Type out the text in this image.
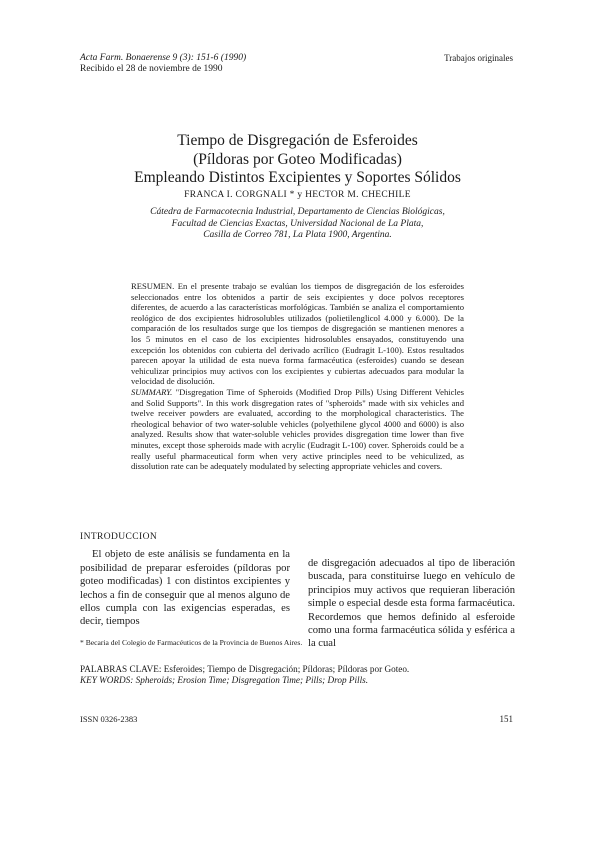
Acta Farm. Bonaerense 9 (3): 151-6 (1990)
Recibido el 28 de noviembre de 1990
Trabajos originales
Tiempo de Disgregación de Esferoides
(Píldoras por Goteo Modificadas)
Empleando Distintos Excipientes y Soportes Sólidos
FRANCA I. CORGNALI * y HECTOR M. CHECHILE
Cátedra de Farmacotecnia Industrial, Departamento de Ciencias Biológicas,
Facultad de Ciencias Exactas, Universidad Nacional de La Plata,
Casilla de Correo 781, La Plata 1900, Argentina.

RESUMEN. En el presente trabajo se evalúan los tiempos de disgregación de los esferoides seleccionados entre los obtenidos a partir de seis excipientes y doce polvos receptores diferentes, de acuerdo a las características morfológicas. También se analiza el comportamiento reológico de dos excipientes hidrosolubles utilizados (polietilenglicol 4.000 y 6.000). De la comparación de los resultados surge que los tiempos de disgregación se mantienen menores a los 5 minutos en el caso de los excipientes hidrosolubles ensayados, constituyendo una excepción los obtenidos con cubierta del derivado acrílico (Eudragit L-100). Estos resultados parecen apoyar la utilidad de esta nueva forma farmacéutica (esferoides) cuando se desean vehiculizar principios muy activos con los excipientes y cubiertas adecuados para modular la velocidad de disolución.

SUMMARY. "Disgregation Time of Spheroids (Modified Drop Pills) Using Different Vehicles and Solid Supports". In this work disgregation rates of "spheroids" made with six vehicles and twelve receiver powders are evaluated, according to the morphological characteristics. The rheological behavior of two water-soluble vehicles (polyethilene glycol 4000 and 6000) is also analyzed. Results show that water-soluble vehicles provides disgregation time lower than five minutes, except those spheroids made with acrylic (Eudragit L-100) cover. Spheroids could be a really useful pharmaceutical form when very active principles need to be vehiculized, as dissolution rate can be adequately modulated by selecting appropriate vehicles and covers.

INTRODUCCION

El objeto de este análisis se fundamenta en la posibilidad de preparar esferoides (píldoras por goteo modificadas) 1 con distintos excipientes y lechos a fin de conseguir que al menos alguno de ellos cumpla con las exigencias esperadas, es decir, tiempos

de disgregación adecuados al tipo de liberación buscada, para constituirse luego en vehículo de principios muy activos que requieran liberación simple o especial desde esta forma farmacéutica. Recordemos que hemos definido al esferoide como una forma farmacéutica sólida y esférica a la cual

* Becaria del Colegio de Farmacéuticos de la Provincia de Buenos Aires.

PALABRAS CLAVE: Esferoides; Tiempo de Disgregación; Píldoras; Píldoras por Goteo.

KEY WORDS: Spheroids; Erosion Time; Disgregation Time; Pills; Drop Pills.

ISSN 0326-2383	151
